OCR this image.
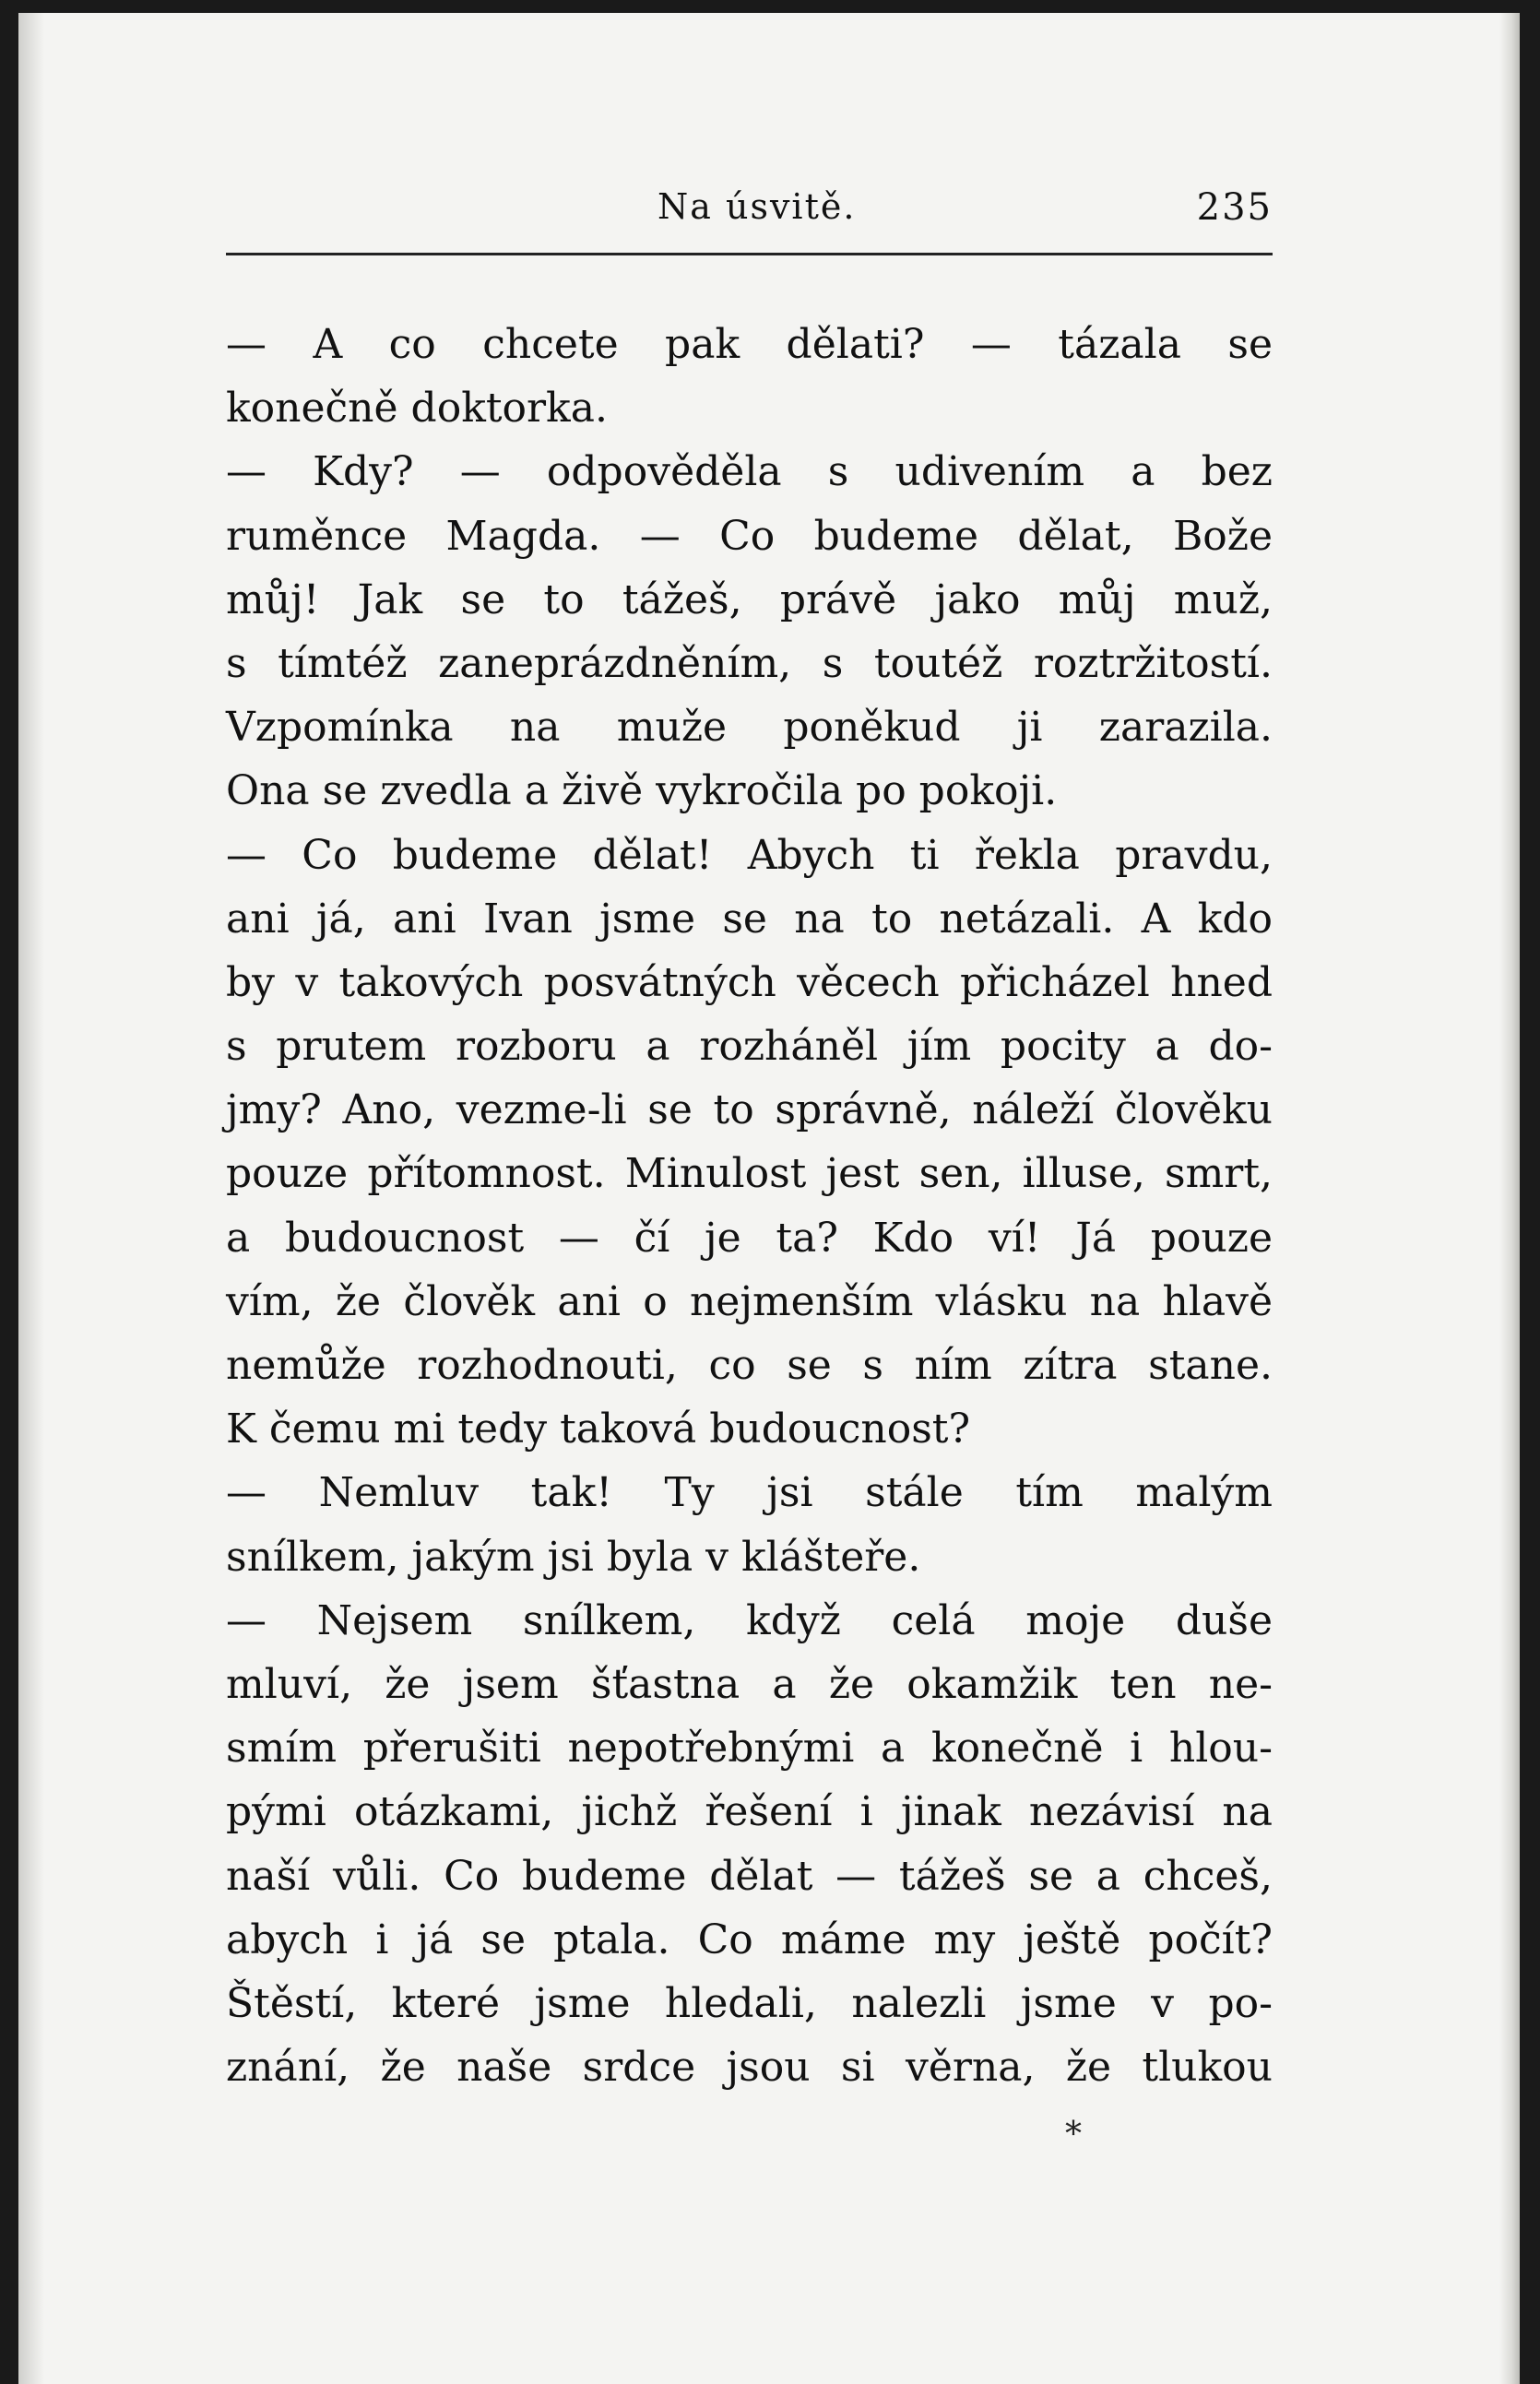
Na úsvitě.	235
— A co chcete pak dělati? — tázala se
konečně doktorka.
— Kdy? — odpověděla s udivením a bez
ruměnce Magda. — Co budeme dělat, Bože
můj! Jak se to tážeš, právě jako můj muž,
s tímtéž zaneprázdněním, s toutéž roztržitostí.
Vzpomínka na muže poněkud ji zarazila.
Ona se zvedla a živě vykročila po pokoji.
— Co budeme dělat! Abych ti řekla pravdu,
ani já, ani Ivan jsme se na to netázali. A kdo
by v takových posvátných věcech přicházel hned
s prutem rozboru a rozháněl jím pocity a do-
jmy? Ano, vezme-li se to správně, náleží člověku
pouze přítomnost. Minulost jest sen, illuse, smrt,
a budoucnost — čí je ta? Kdo ví! Já pouze
vím, že člověk ani o nejmenším vlásku na hlavě
nemůže rozhodnouti, co se s ním zítra stane.
K čemu mi tedy taková budoucnost?
— Nemluv tak! Ty jsi stále tím malým
snílkem, jakým jsi byla v klášteře.
— Nejsem snílkem, když celá moje duše
mluví, že jsem šťastna a že okamžik ten ne-
smím přerušiti nepotřebnými a konečně i hlou-
pými otázkami, jichž řešení i jinak nezávisí na
naší vůli. Co budeme dělat — tážeš se a chceš,
abych i já se ptala. Co máme my ještě počít?
Štěstí, které jsme hledali, nalezli jsme v po-
znání, že naše srdce jsou si věrna, že tlukou
*
